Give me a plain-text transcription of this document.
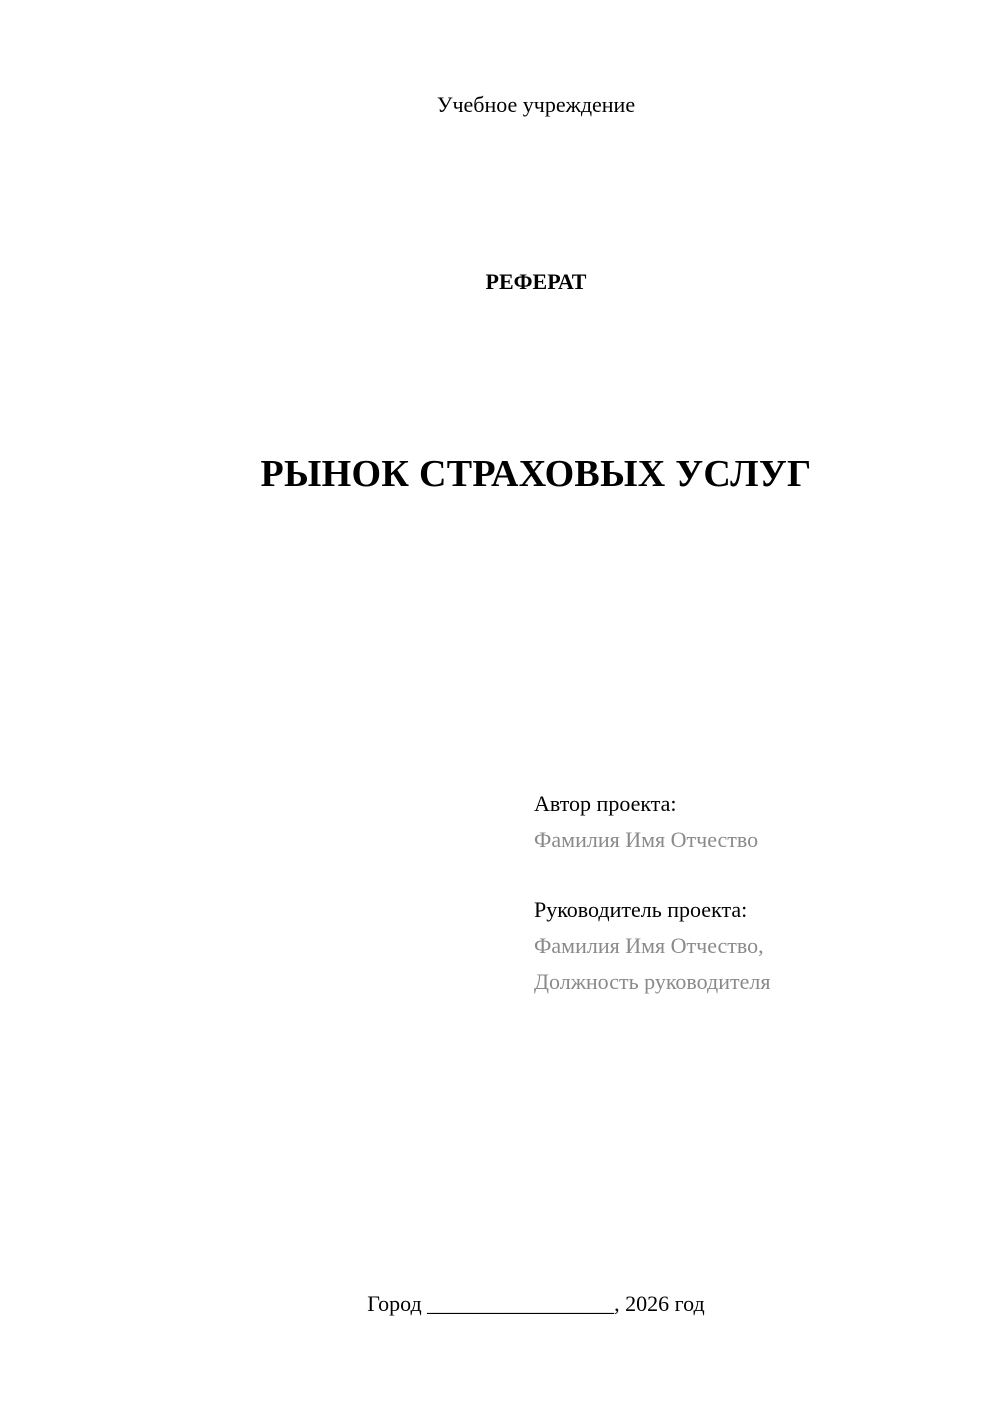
Учебное учреждение
РЕФЕРАТ
РЫНОК СТРАХОВЫХ УСЛУГ
Автор проекта:
Фамилия Имя Отчество
Руководитель проекта:
Фамилия Имя Отчество,
Должность руководителя
Город _________________, 2026 год
